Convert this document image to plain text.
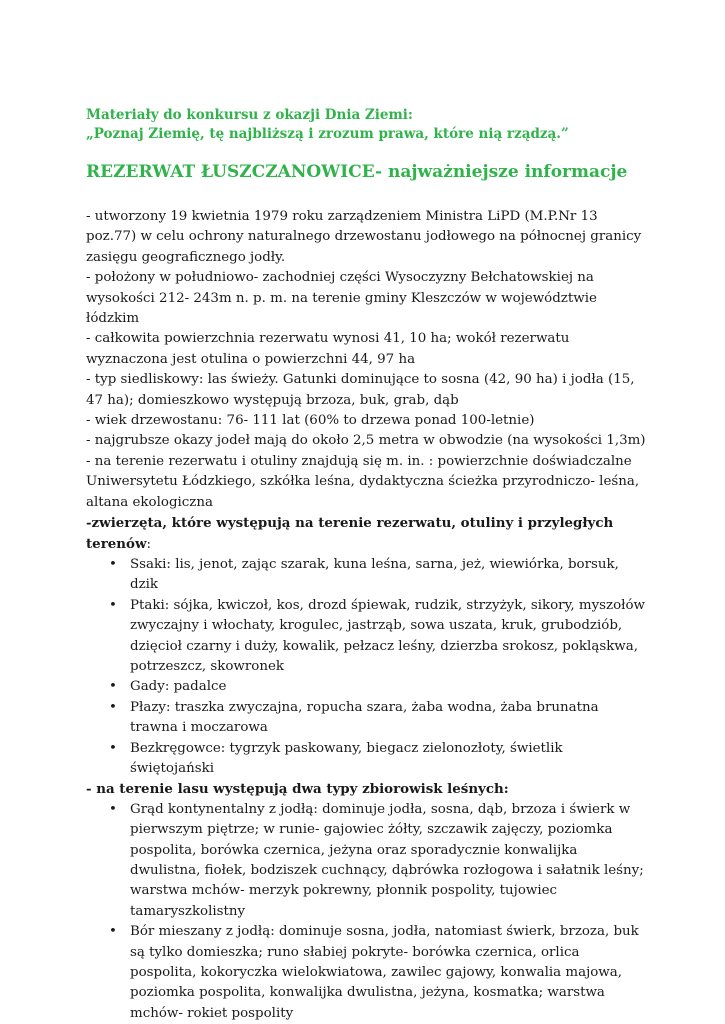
Materiały do konkursu z okazji Dnia Ziemi:
„Poznaj Ziemię, tę najbliższą i zrozum prawa, które nią rządzą.”
REZERWAT ŁUSZCZANOWICE- najważniejsze informacje

- utworzony 19 kwietnia 1979 roku zarządzeniem Ministra LiPD (M.P.Nr 13 poz.77) w celu ochrony naturalnego drzewostanu jodłowego na północnej granicy zasięgu geograficznego jodły.

- położony w południowo- zachodniej części Wysoczyzny Bełchatowskiej na wysokości 212- 243m n. p. m. na terenie gminy Kleszczów w województwie łódzkim

- całkowita powierzchnia rezerwatu wynosi 41, 10 ha; wokół rezerwatu wyznaczona jest otulina o powierzchni 44, 97 ha

- typ siedliskowy: las świeży. Gatunki dominujące to sosna (42, 90 ha) i jodła (15, 47 ha); domieszkowo występują brzoza, buk, grab, dąb

- wiek drzewostanu: 76- 111 lat (60% to drzewa ponad 100-letnie)

- najgrubsze okazy jodeł mają do około 2,5 metra w obwodzie (na wysokości 1,3m)

- na terenie rezerwatu i otuliny znajdują się m. in. : powierzchnie doświadczalne Uniwersytetu Łódzkiego, szkółka leśna, dydaktyczna ścieżka przyrodniczo- leśna, altana ekologiczna

-zwierzęta, które występują na terenie rezerwatu, otuliny i przyległych terenów:

• Ssaki: lis, jenot, zając szarak, kuna leśna, sarna, jeż, wiewiórka, borsuk, dzik
• Ptaki: sójka, kwiczoł, kos, drozd śpiewak, rudzik, strzyżyk, sikory, myszołów zwyczajny i włochaty, krogulec, jastrząb, sowa uszata, kruk, grubodziób, dzięcioł czarny i duży, kowalik, pełzacz leśny, dzierzba srokosz, pokląskwa, potrzeszcz, skowronek
• Gady: padalce
• Płazy: traszka zwyczajna, ropucha szara, żaba wodna, żaba brunatna trawna i moczarowa
• Bezkręgowce: tygrzyk paskowany, biegacz zielonozłoty, świetlik świętojański

- na terenie lasu występują dwa typy zbiorowisk leśnych:

• Grąd kontynentalny z jodłą: dominuje jodła, sosna, dąb, brzoza i świerk w pierwszym piętrze; w runie- gajowiec żółty, szczawik zajęczy, poziomka pospolita, borówka czernica, jeżyna oraz sporadycznie konwalijka dwulistna, fiołek, bodziszek cuchnący, dąbrówka rozłogowa i sałatnik leśny; warstwa mchów- merzyk pokrewny, płonnik pospolity, tujowiec tamaryszkolistny
• Bór mieszany z jodłą: dominuje sosna, jodła, natomiast świerk, brzoza, buk są tylko domieszka; runo słabiej pokryte- borówka czernica, orlica pospolita, kokoryczka wielokwiatowa, zawilec gajowy, konwalia majowa, poziomka pospolita, konwalijka dwulistna, jeżyna, kosmatka; warstwa mchów- rokiet pospolity
